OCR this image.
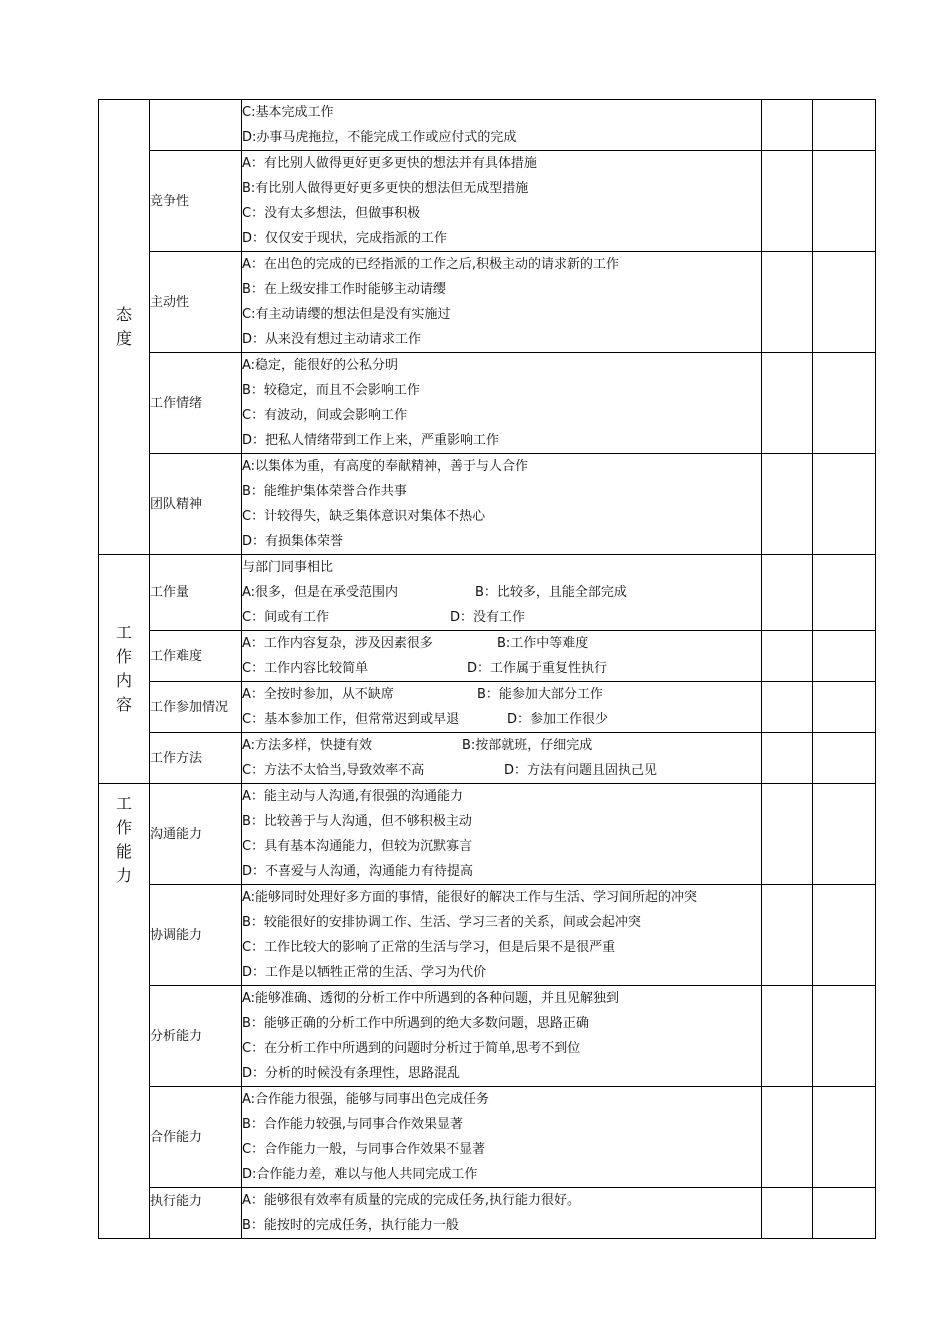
态度		C:基本完成工作
D:办事马虎拖拉，不能完成工作或应付式的完成		

	竞争性	A：有比别人做得更好更多更快的想法并有具体措施
B:有比别人做得更好更多更快的想法但无成型措施
C：没有太多想法，但做事积极
D：仅仅安于现状，完成指派的工作		

	主动性	A：在出色的完成的已经指派的工作之后,积极主动的请求新的工作
B：在上级安排工作时能够主动请缨
C:有主动请缨的想法但是没有实施过
D：从来没有想过主动请求工作		

	工作情绪	A:稳定，能很好的公私分明
B：较稳定，而且不会影响工作
C：有波动，间或会影响工作
D：把私人情绪带到工作上来，严重影响工作		

	团队精神	A:以集体为重，有高度的奉献精神，善于与人合作
B：能维护集体荣誉合作共事
C：计较得失，缺乏集体意识对集体不热心
D：有损集体荣誉		

工作内容	工作量	与部门同事相比
A:很多，但是在承受范围内 B：比较多，且能全部完成
C：间或有工作 D：没有工作		

	工作难度	A：工作内容复杂，涉及因素很多 B:工作中等难度
C：工作内容比较简单 D：工作属于重复性执行		

	工作参加情况	A：全按时参加，从不缺席 B：能参加大部分工作
C：基本参加工作，但常常迟到或早退 D：参加工作很少		

	工作方法	A:方法多样，快捷有效 B:按部就班，仔细完成
C：方法不太恰当,导致效率不高 D：方法有问题且固执己见		

工作能力	沟通能力	A：能主动与人沟通,有很强的沟通能力
B：比较善于与人沟通，但不够积极主动
C：具有基本沟通能力，但较为沉默寡言
D：不喜爱与人沟通，沟通能力有待提高		

	协调能力	A:能够同时处理好多方面的事情，能很好的解决工作与生活、学习间所起的冲突
B：较能很好的安排协调工作、生活、学习三者的关系，间或会起冲突
C：工作比较大的影响了正常的生活与学习，但是后果不是很严重
D：工作是以牺牲正常的生活、学习为代价		

	分析能力	A:能够准确、透彻的分析工作中所遇到的各种问题，并且见解独到
B：能够正确的分析工作中所遇到的绝大多数问题，思路正确
C：在分析工作中所遇到的问题时分析过于简单,思考不到位
D：分析的时候没有条理性，思路混乱		

	合作能力	A:合作能力很强，能够与同事出色完成任务
B：合作能力较强,与同事合作效果显著
C：合作能力一般，与同事合作效果不显著
D:合作能力差，难以与他人共同完成工作		

	执行能力	A：能够很有效率有质量的完成的完成任务,执行能力很好。
B：能按时的完成任务，执行能力一般		
